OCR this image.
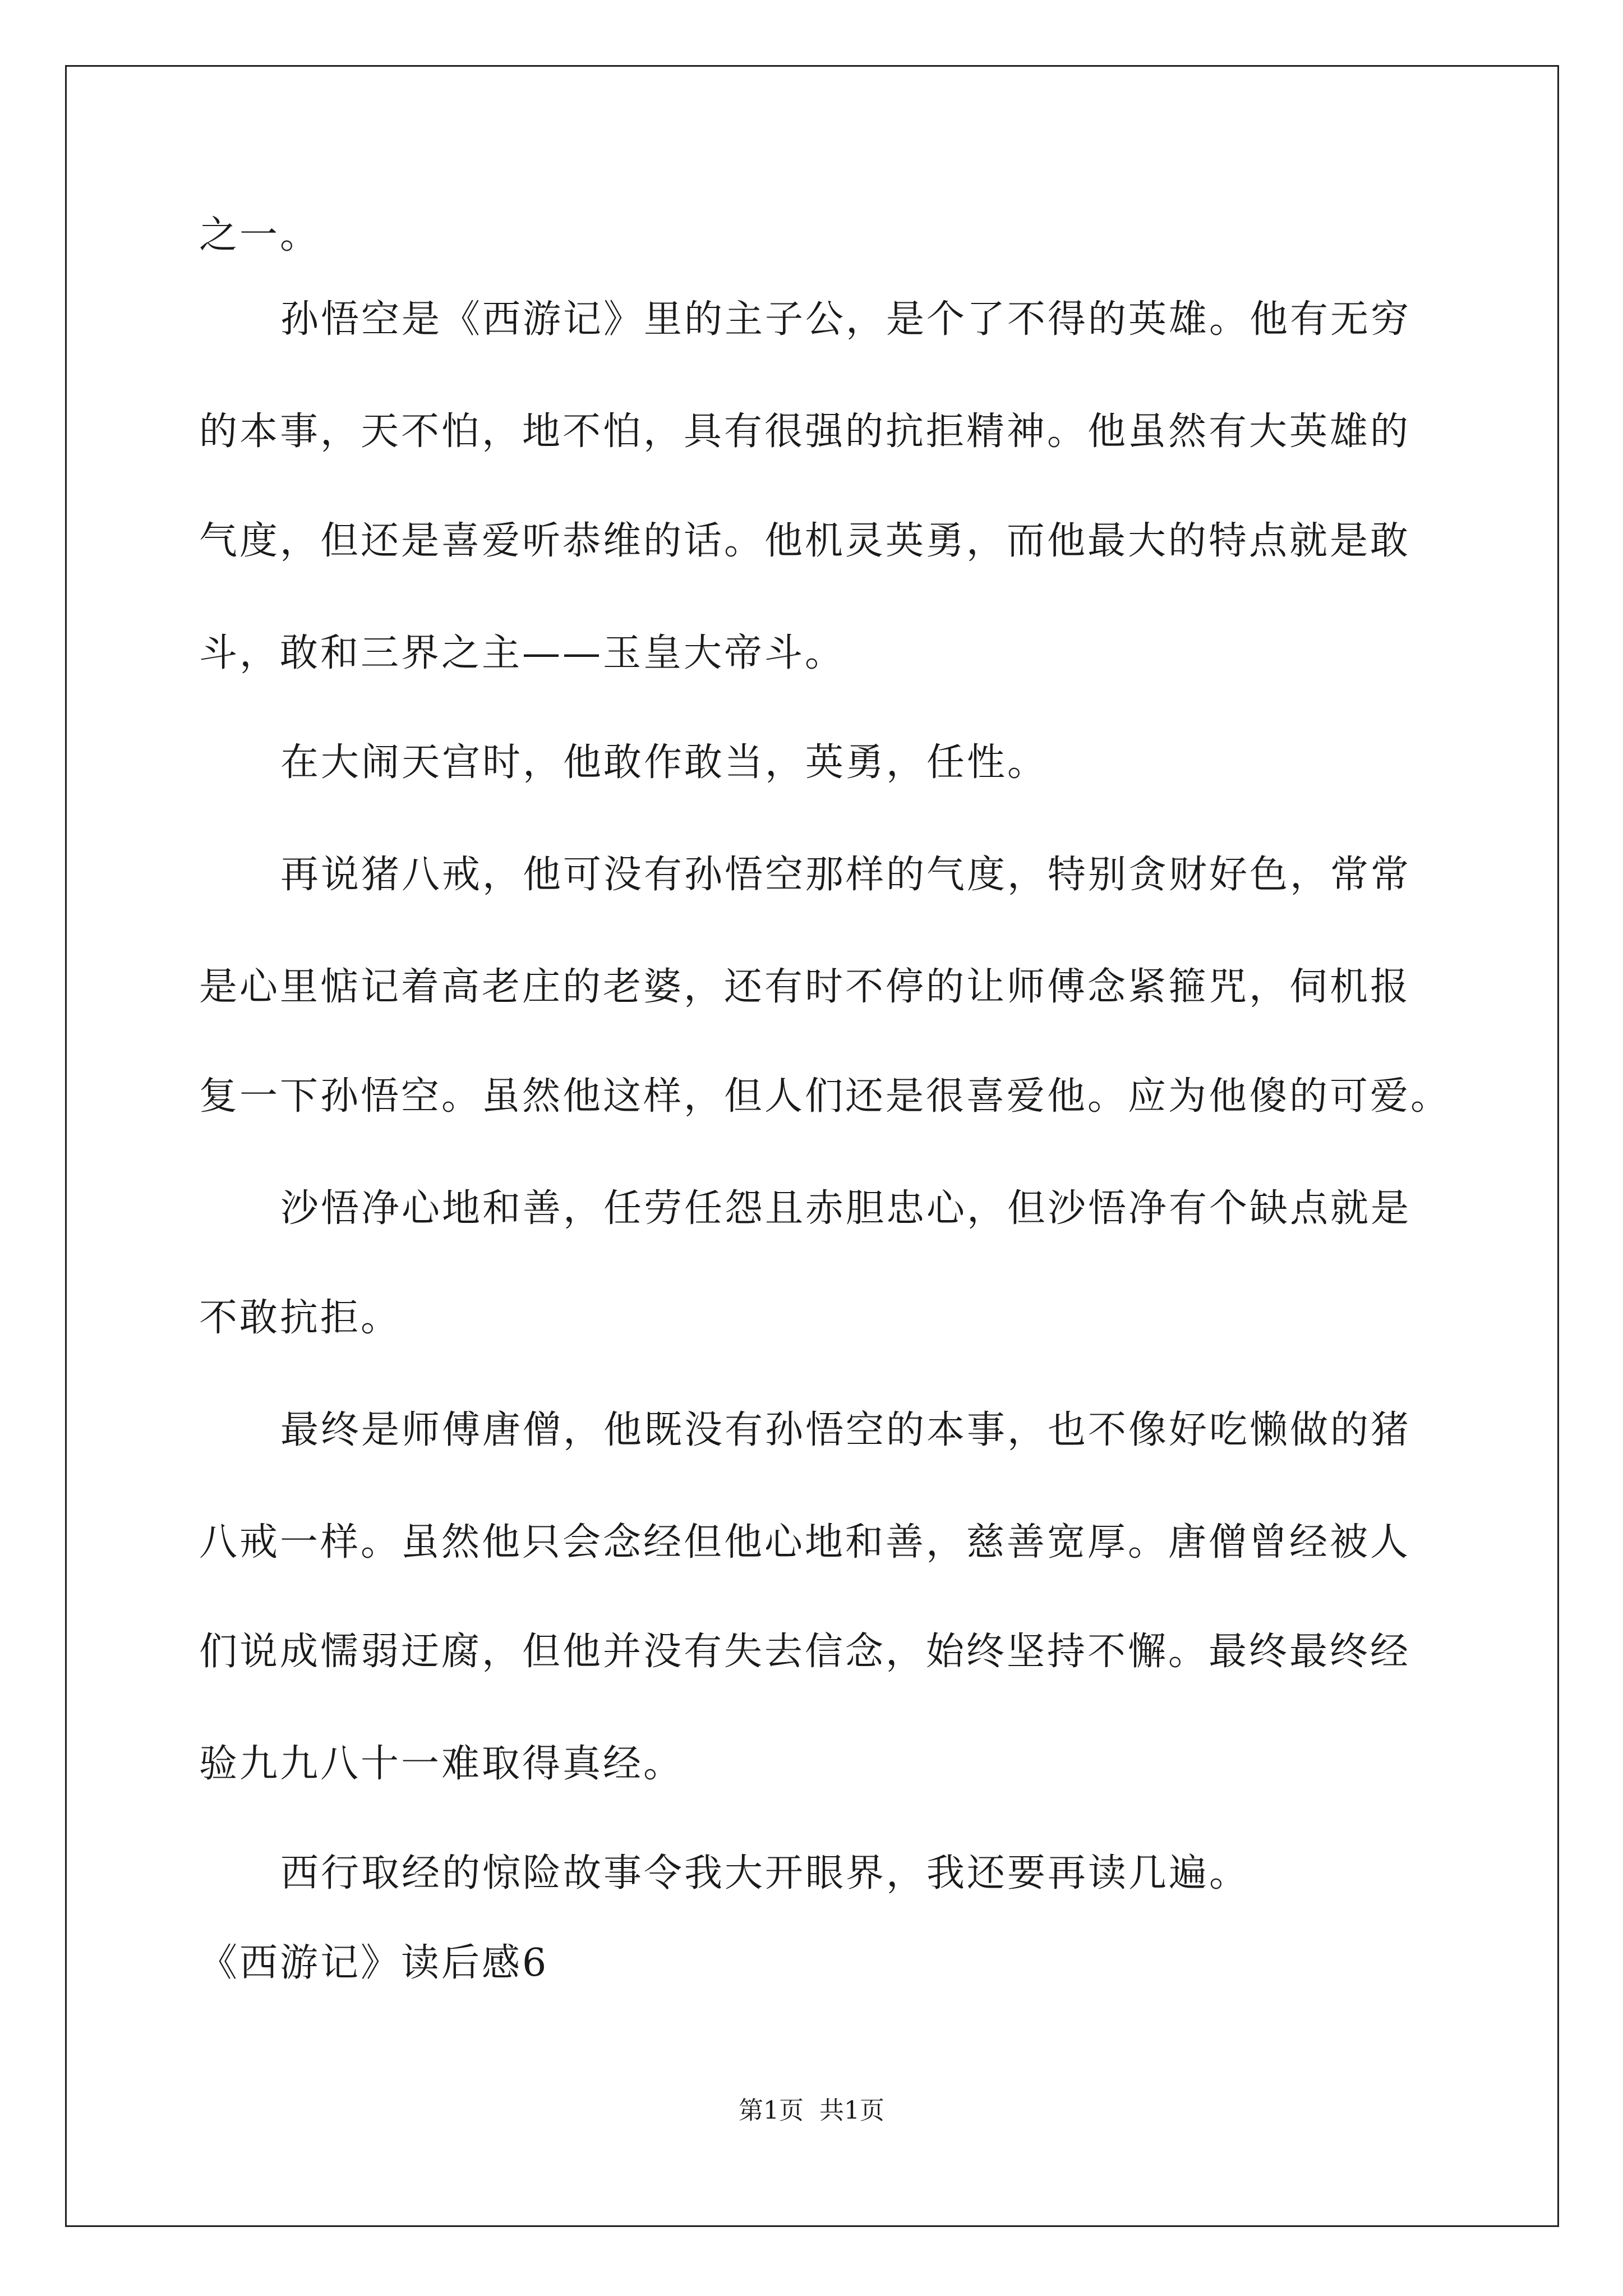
之一。
孙悟空是《西游记》里的主子公，是个了不得的英雄。他有无穷
的本事，天不怕，地不怕，具有很强的抗拒精神。他虽然有大英雄的
气度，但还是喜爱听恭维的话。他机灵英勇，而他最大的特点就是敢
斗，敢和三界之主——玉皇大帝斗。
在大闹天宫时，他敢作敢当，英勇，任性。
再说猪八戒，他可没有孙悟空那样的气度，特别贪财好色，常常
是心里惦记着高老庄的老婆，还有时不停的让师傅念紧箍咒，伺机报
复一下孙悟空。虽然他这样，但人们还是很喜爱他。应为他傻的可爱。
沙悟净心地和善，任劳任怨且赤胆忠心，但沙悟净有个缺点就是
不敢抗拒。
最终是师傅唐僧，他既没有孙悟空的本事，也不像好吃懒做的猪
八戒一样。虽然他只会念经但他心地和善，慈善宽厚。唐僧曾经被人
们说成懦弱迂腐，但他并没有失去信念，始终坚持不懈。最终最终经
验九九八十一难取得真经。
西行取经的惊险故事令我大开眼界，我还要再读几遍。
《西游记》读后感6
第1页 共1页
